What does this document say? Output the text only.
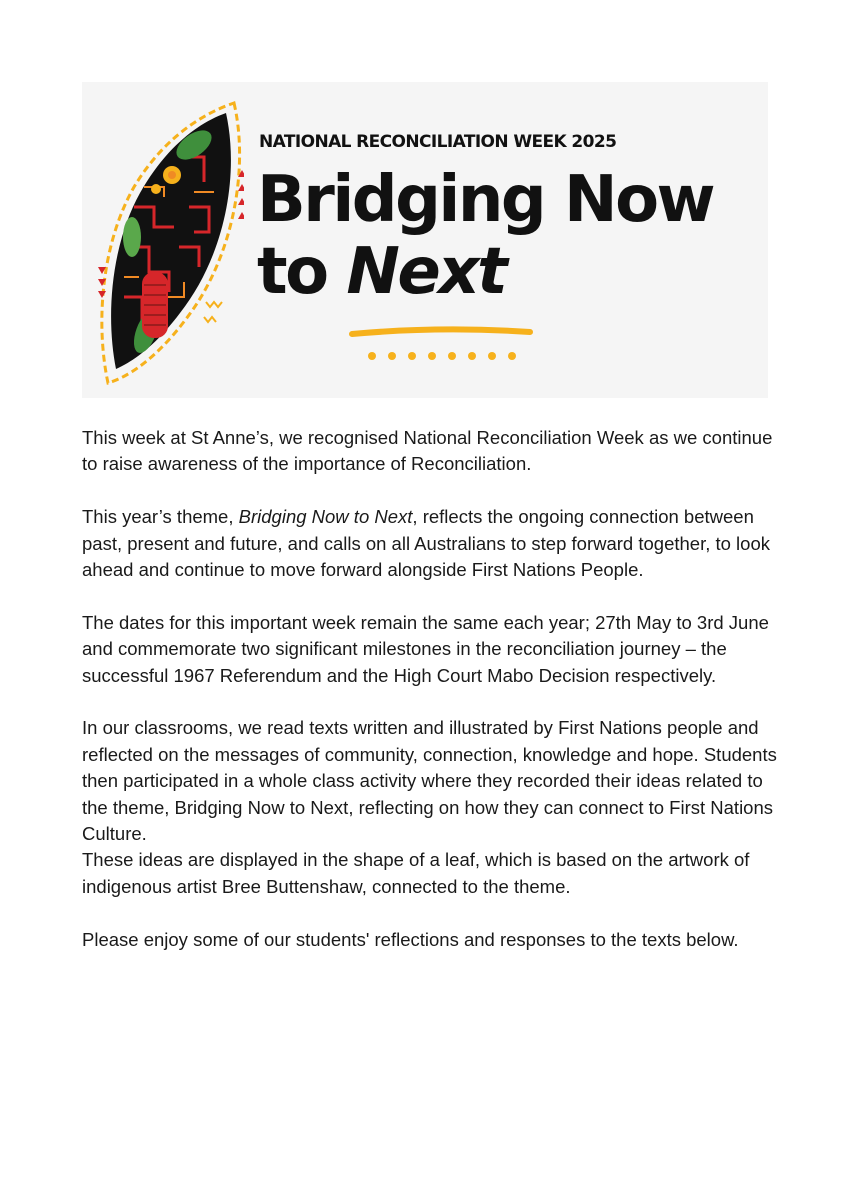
NATIONAL RECONCILIATION WEEK 2025

Bridging Now
to Next

This week at St Anne’s, we recognised National Reconciliation Week as we continue to raise awareness of the importance of Reconciliation.

This year’s theme, Bridging Now to Next, reflects the ongoing connection between past, present and future, and calls on all Australians to step forward together, to look ahead and continue to move forward alongside First Nations People.

The dates for this important week remain the same each year; 27th May to 3rd June and commemorate two significant milestones in the reconciliation journey – the successful 1967 Referendum and the High Court Mabo Decision respectively.

In our classrooms, we read texts written and illustrated by First Nations people and reflected on the messages of community, connection, knowledge and hope. Students then participated in a whole class activity where they recorded their ideas related to the theme, Bridging Now to Next, reflecting on how they can connect to First Nations Culture.
These ideas are displayed in the shape of a leaf, which is based on the artwork of indigenous artist Bree Buttenshaw, connected to the theme.

Please enjoy some of our students' reflections and responses to the texts below.
